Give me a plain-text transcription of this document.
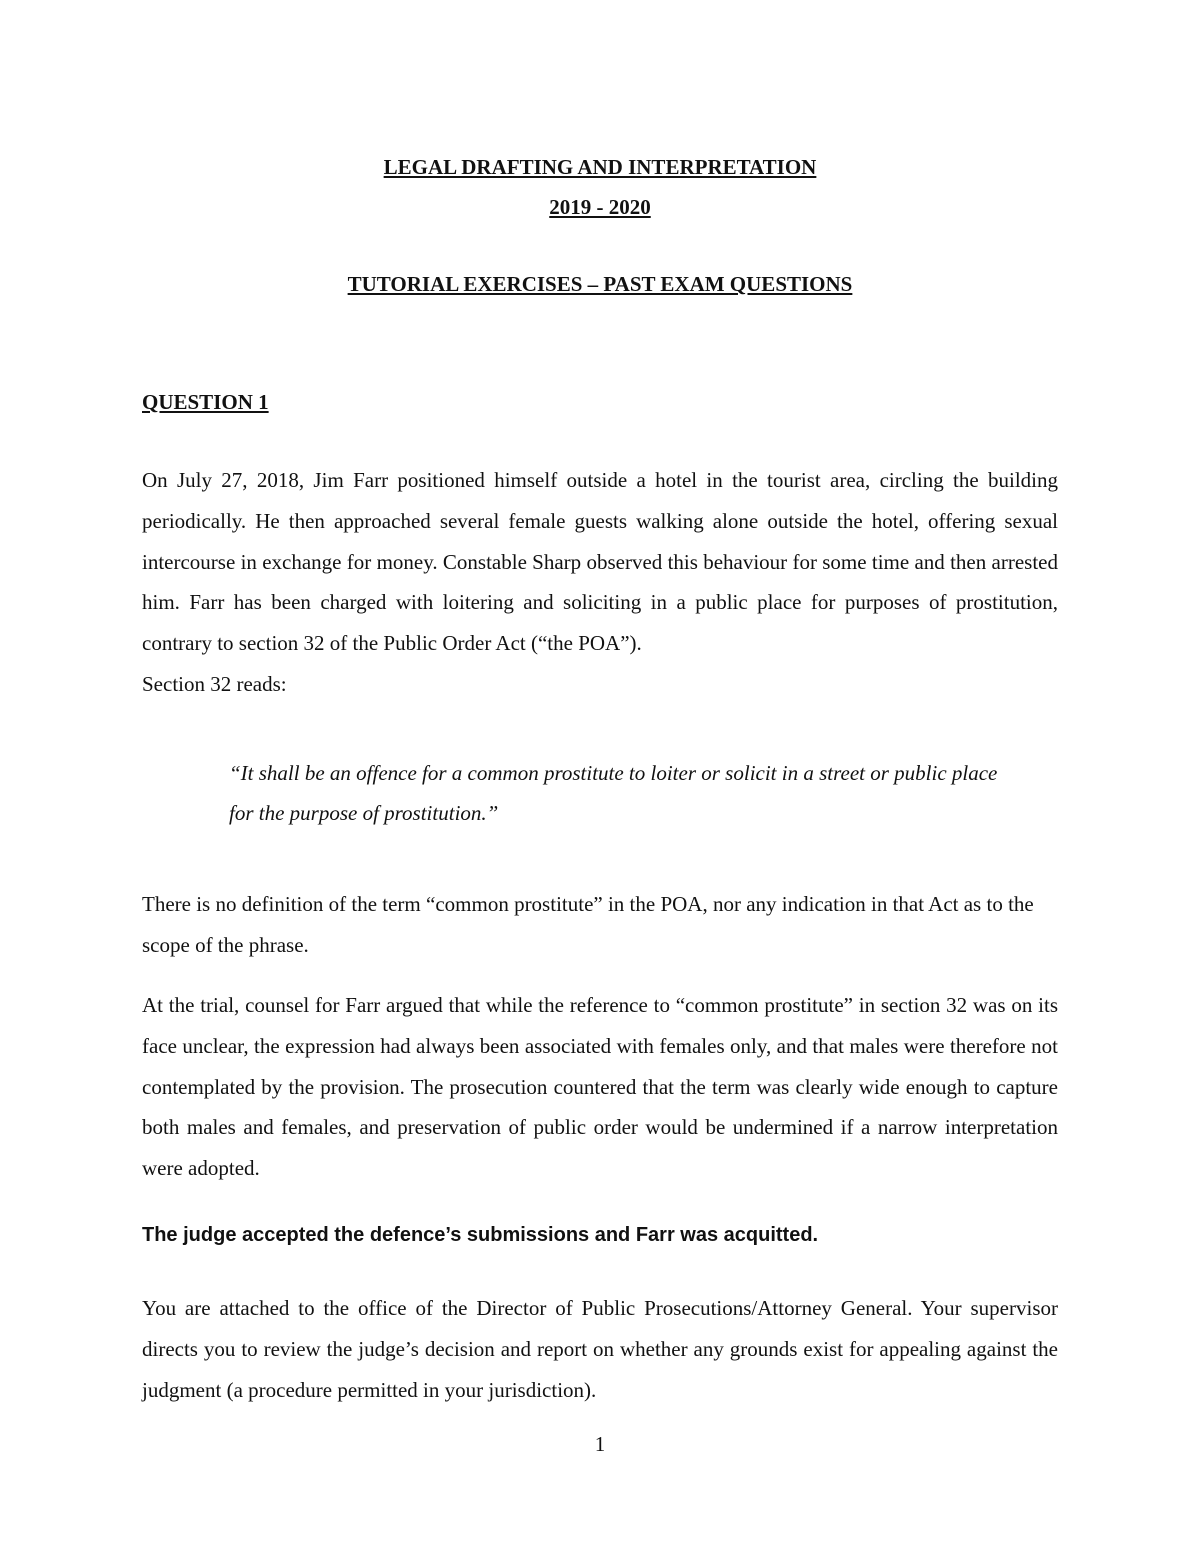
LEGAL DRAFTING AND INTERPRETATION
2019 - 2020
TUTORIAL EXERCISES – PAST EXAM QUESTIONS
QUESTION 1

On July 27, 2018, Jim Farr positioned himself outside a hotel in the tourist area, circling the building periodically. He then approached several female guests walking alone outside the hotel, offering sexual intercourse in exchange for money. Constable Sharp observed this behaviour for some time and then arrested him. Farr has been charged with loitering and soliciting in a public place for purposes of prostitution, contrary to section 32 of the Public Order Act (“the POA”).

Section 32 reads:

“It shall be an offence for a common prostitute to loiter or solicit in a street or public place for the purpose of prostitution.”

There is no definition of the term “common prostitute” in the POA, nor any indication in that Act as to the scope of the phrase.

At the trial, counsel for Farr argued that while the reference to “common prostitute” in section 32 was on its face unclear, the expression had always been associated with females only, and that males were therefore not contemplated by the provision. The prosecution countered that the term was clearly wide enough to capture both males and females, and preservation of public order would be undermined if a narrow interpretation were adopted.

The judge accepted the defence’s submissions and Farr was acquitted.

You are attached to the office of the Director of Public Prosecutions/Attorney General. Your supervisor directs you to review the judge’s decision and report on whether any grounds exist for appealing against the judgment (a procedure permitted in your jurisdiction).

1
